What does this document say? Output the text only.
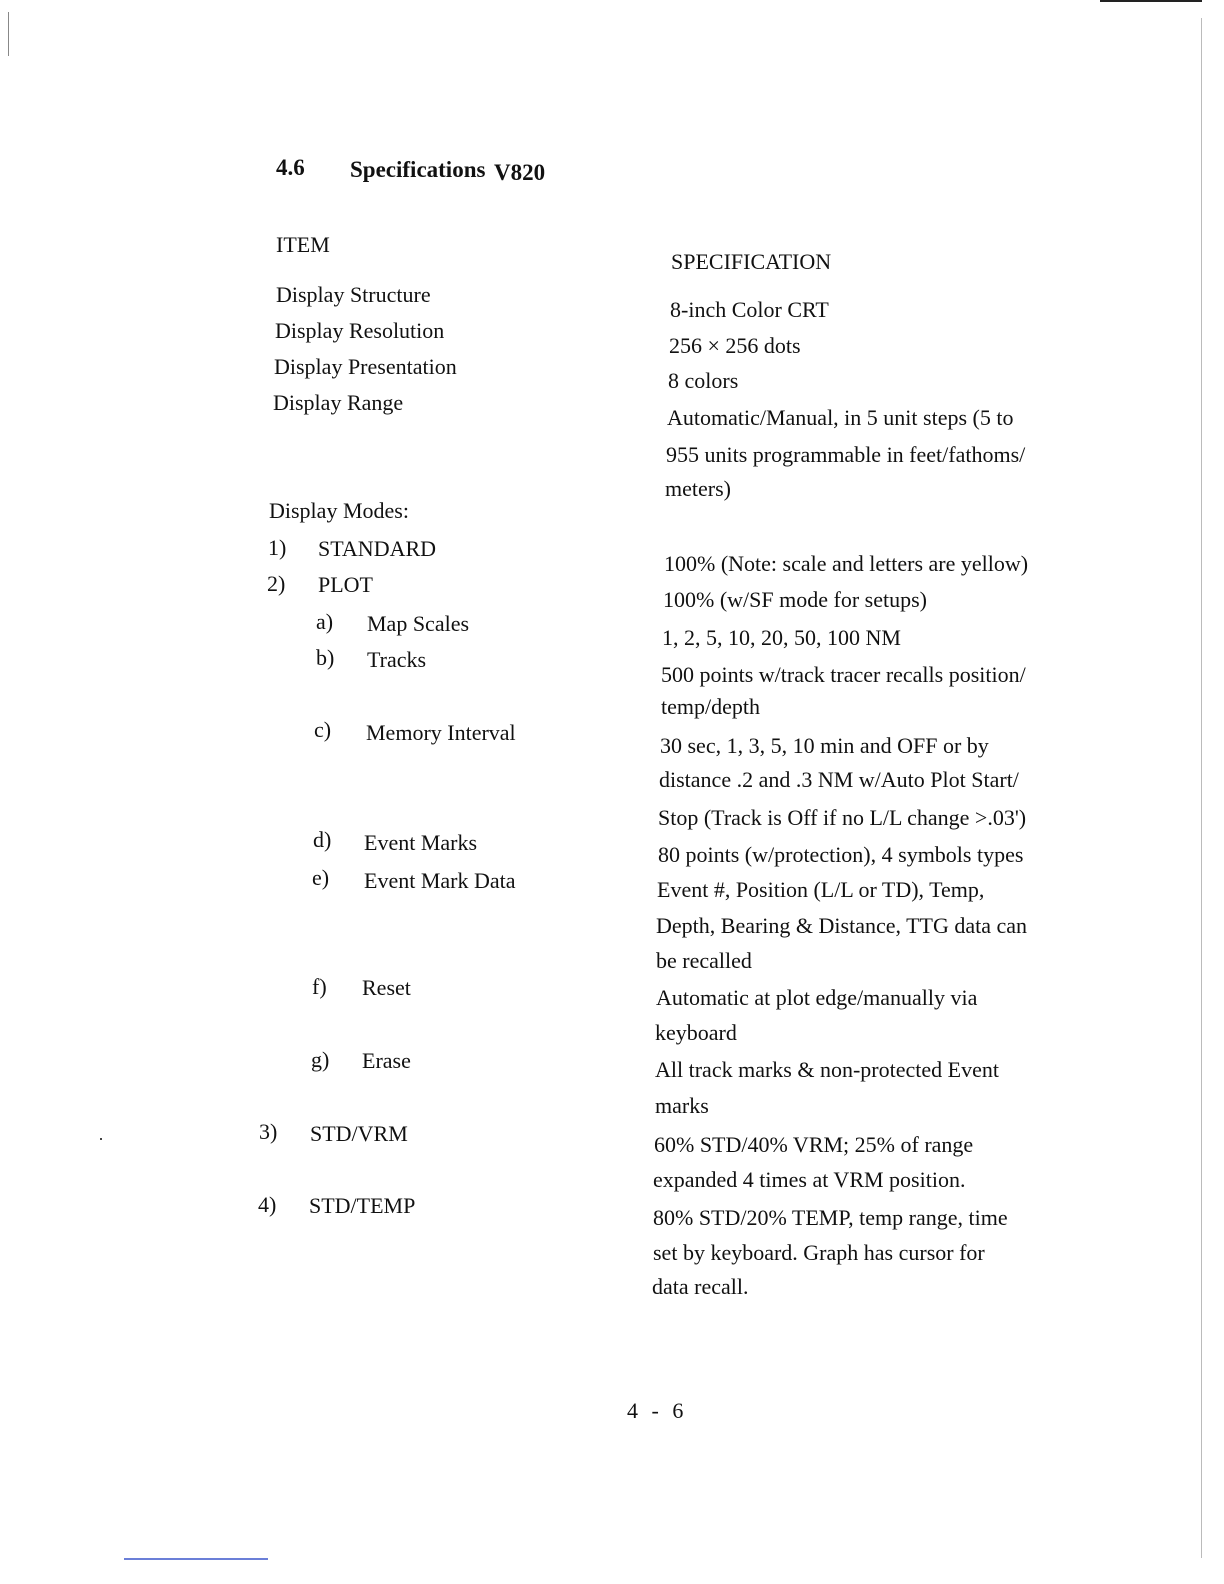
4.6 Specifications V820
ITEM
SPECIFICATION
Display Structure
Display Resolution
Display Presentation
Display Range
Display Modes:
1) STANDARD
2) PLOT
a) Map Scales
b) Tracks
c) Memory Interval
d) Event Marks
e) Event Mark Data
f) Reset
g) Erase
3) STD/VRM
4) STD/TEMP
8-inch Color CRT
256 × 256 dots
8 colors
Automatic/Manual, in 5 unit steps (5 to
955 units programmable in feet/fathoms/
meters)
100% (Note: scale and letters are yellow)
100% (w/SF mode for setups)
1, 2, 5, 10, 20, 50, 100 NM
500 points w/track tracer recalls position/
temp/depth
30 sec, 1, 3, 5, 10 min and OFF or by
distance .2 and .3 NM w/Auto Plot Start/
Stop (Track is Off if no L/L change >.03')
80 points (w/protection), 4 symbols types
Event #, Position (L/L or TD), Temp,
Depth, Bearing & Distance, TTG data can
be recalled
Automatic at plot edge/manually via
keyboard
All track marks & non-protected Event
marks
60% STD/40% VRM; 25% of range
expanded 4 times at VRM position.
80% STD/20% TEMP, temp range, time
set by keyboard. Graph has cursor for
data recall.
4 - 6
